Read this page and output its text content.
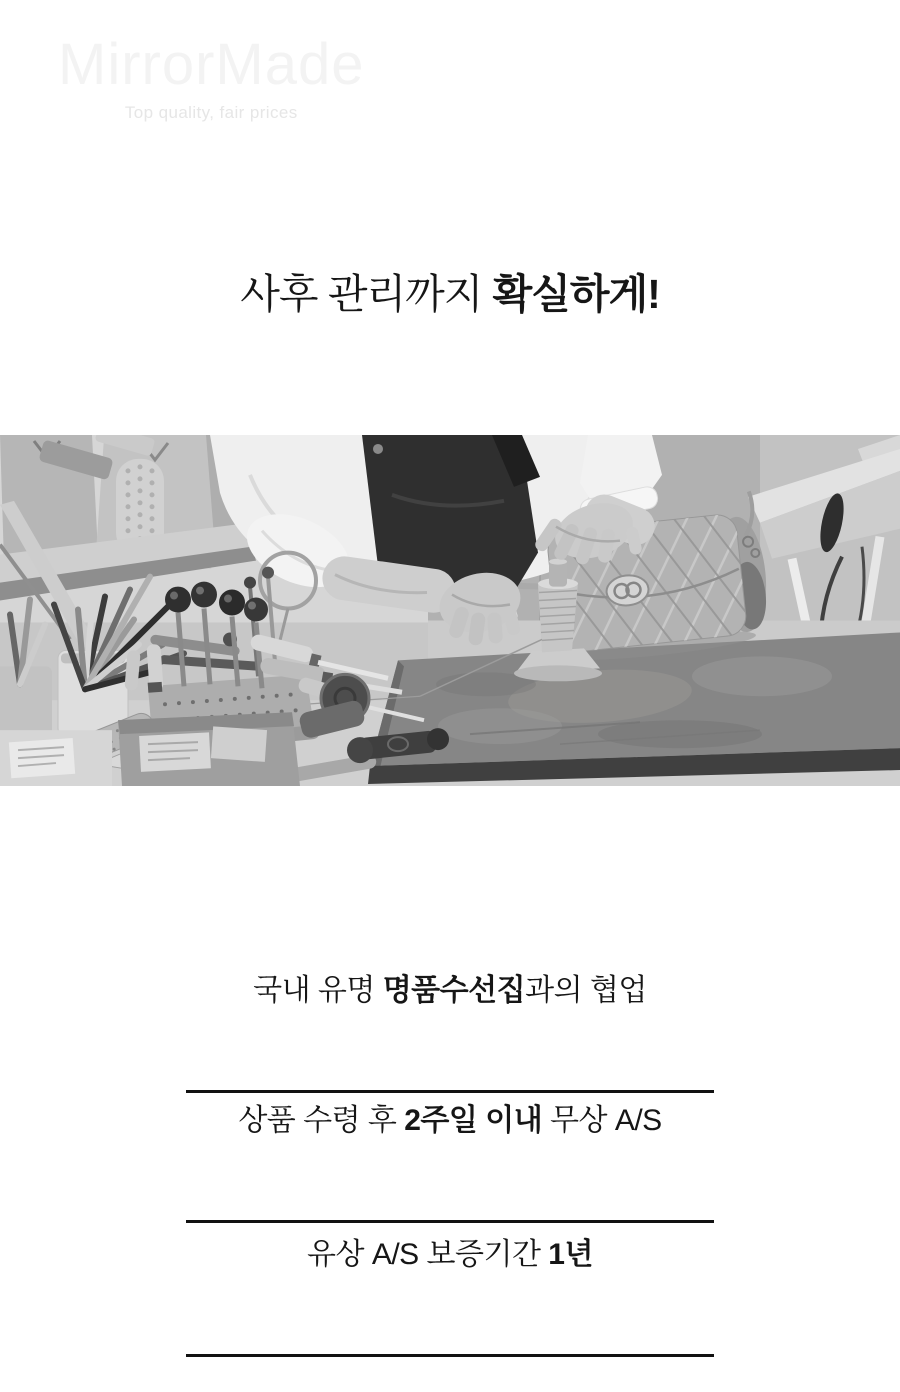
MirrorMade
Top quality, fair prices
사후 관리까지 확실하게!

국내 유명 명품수선집과의 협업

상품 수령 후 2주일 이내 무상 A/S

유상 A/S 보증기간 1년
